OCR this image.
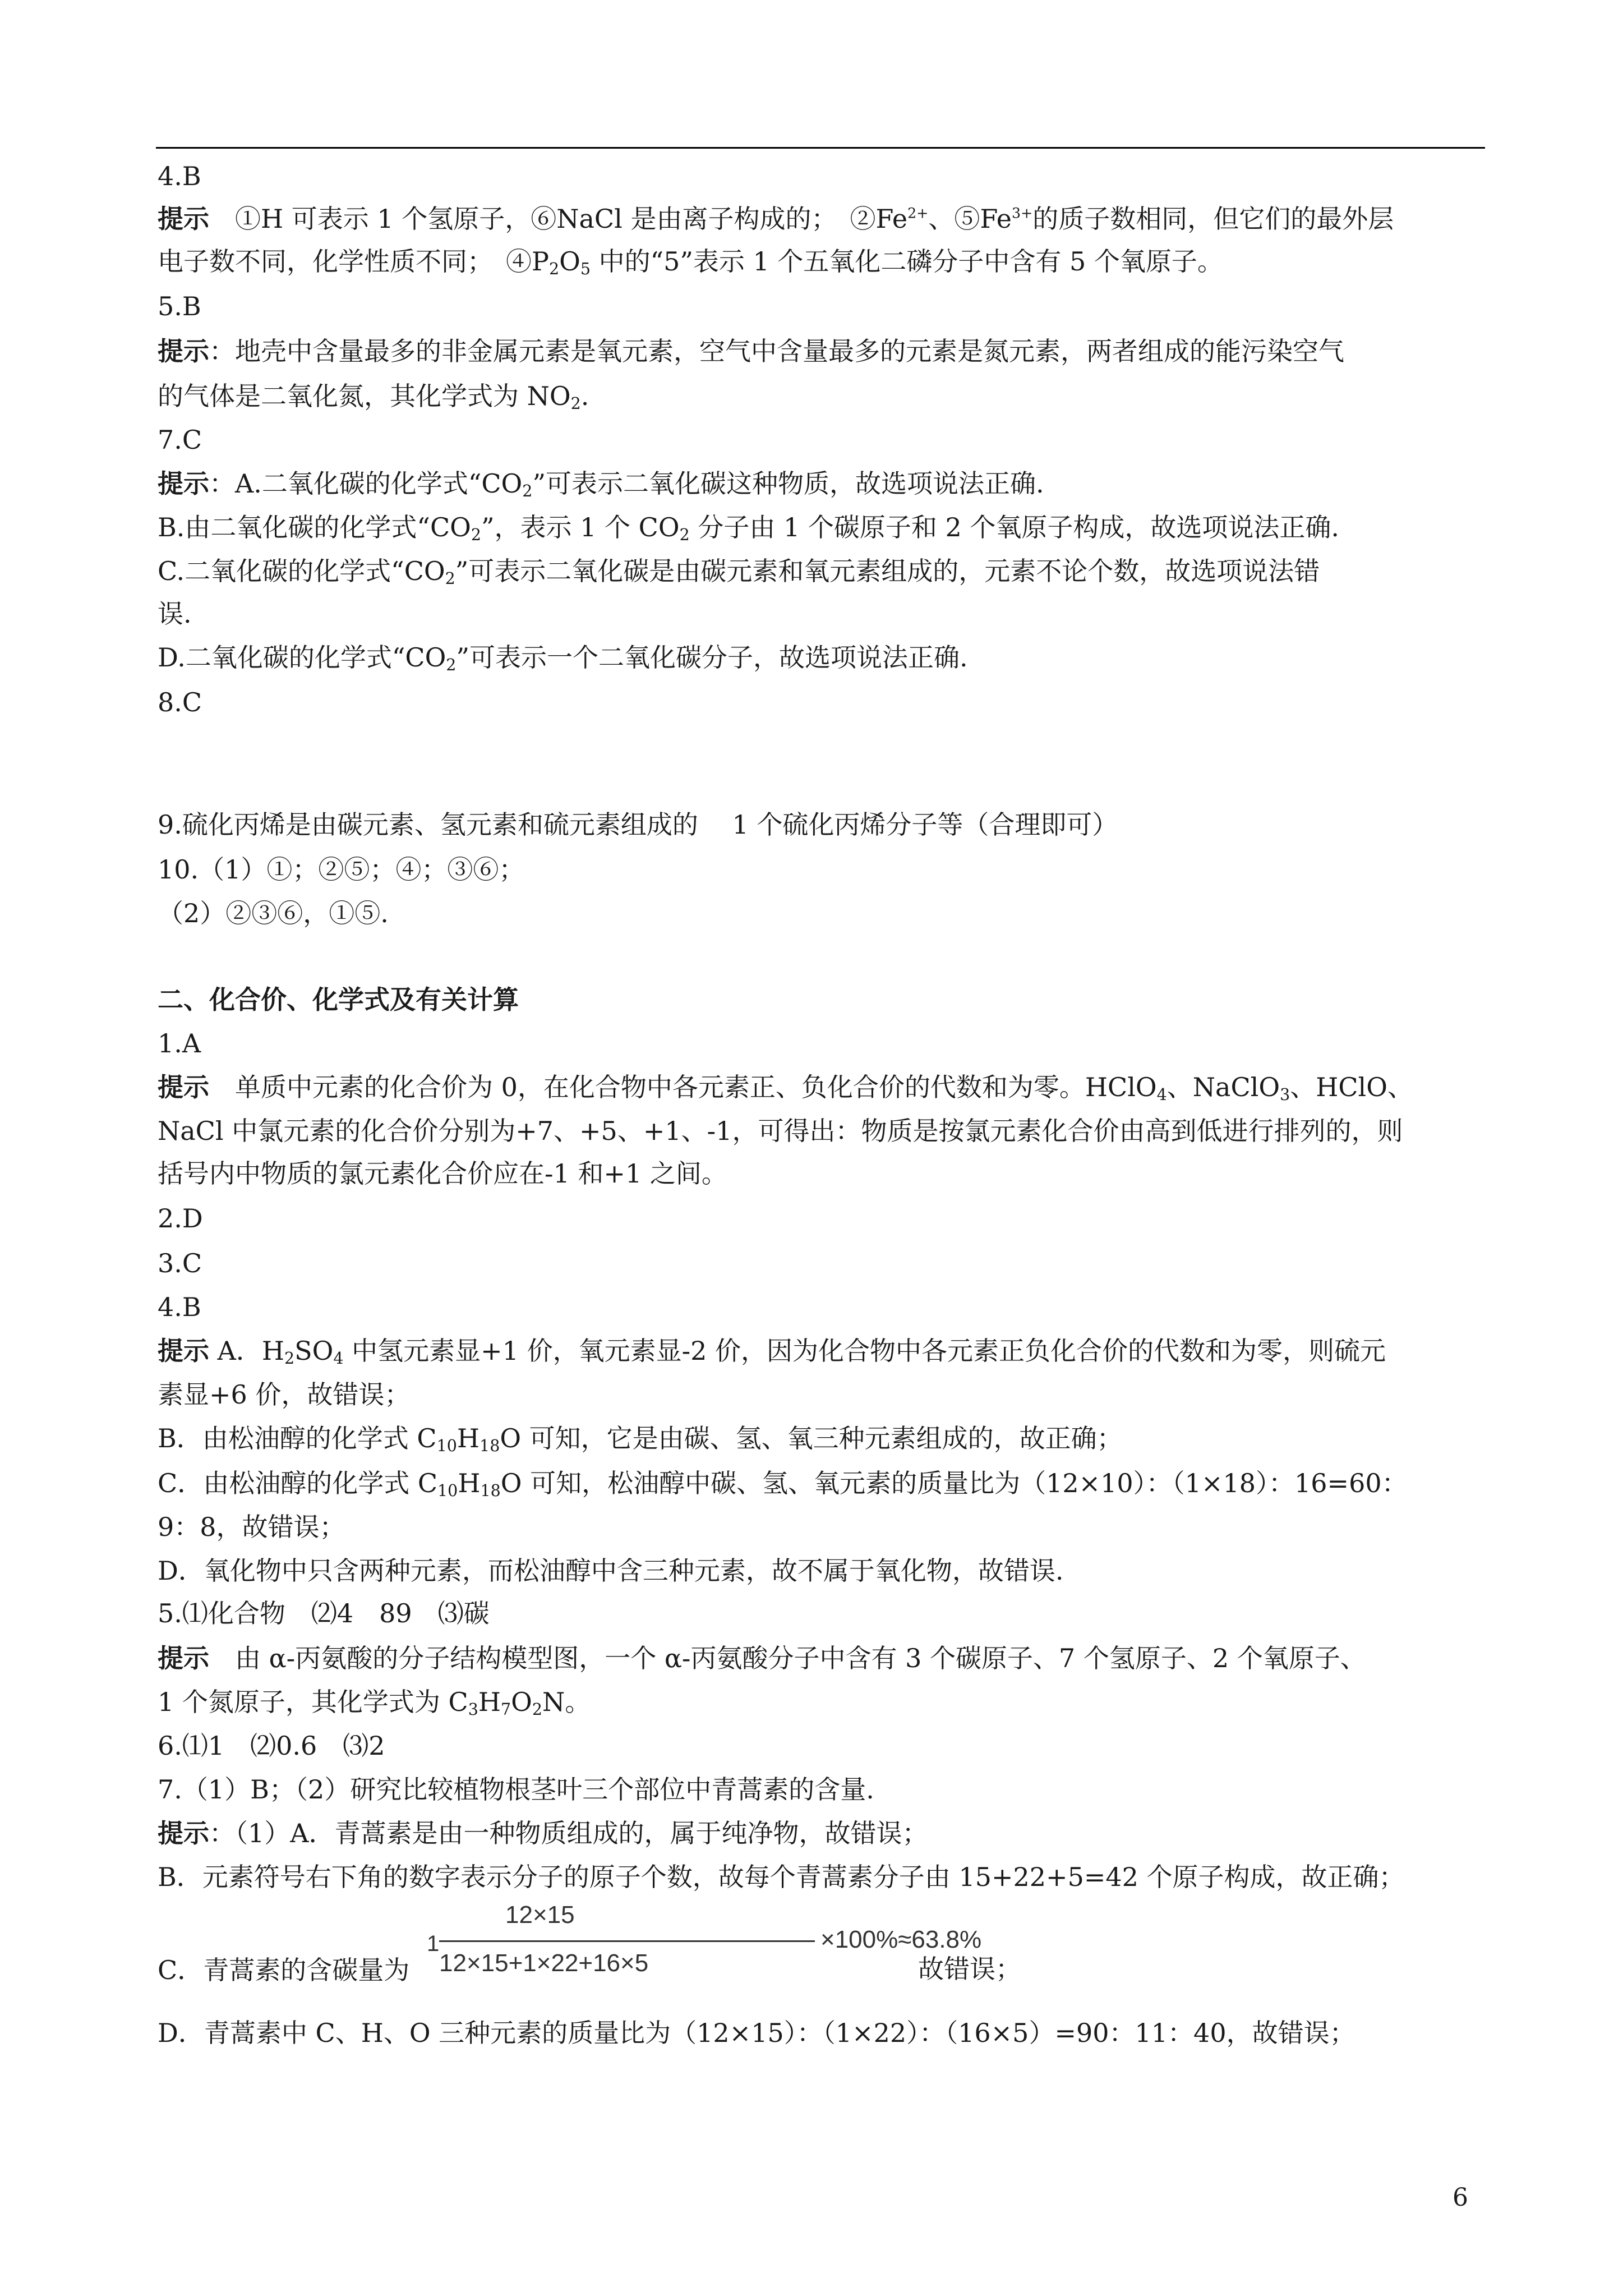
4.B
提示　①H 可表示 1 个氢原子，⑥NaCl 是由离子构成的；　$②Fe^{2+}$、$⑤Fe^{3+}$的质子数相同，但它们的最外层
电子数不同，化学性质不同；　$④P_2O_5$ 中的“5”表示 1 个五氧化二磷分子中含有 5 个氧原子。
5.B
提示：地壳中含量最多的非金属元素是氧元素，空气中含量最多的元素是氮元素，两者组成的能污染空气
的气体是二氧化氮，其化学式为 $NO_2$.
7.C
提示：A.二氧化碳的化学式“$CO_2$”可表示二氧化碳这种物质，故选项说法正确.
B.由二氧化碳的化学式“$CO_2$”，表示 1 个 $CO_2$ 分子由 1 个碳原子和 2 个氧原子构成，故选项说法正确.
C.二氧化碳的化学式“$CO_2$”可表示二氧化碳是由碳元素和氧元素组成的，元素不论个数，故选项说法错
误.
D.二氧化碳的化学式“$CO_2$”可表示一个二氧化碳分子，故选项说法正确.
8.C
9.硫化丙烯是由碳元素、氢元素和硫元素组成的　 1 个硫化丙烯分子等（合理即可）
10.（1）①；②⑤；④；③⑥；
（2）②③⑥，①⑤.
二、化合价、化学式及有关计算
1.A
提示　单质中元素的化合价为 0，在化合物中各元素正、负化合价的代数和为零。HClO$_4$、NaClO$_3$、HClO、
NaCl 中氯元素的化合价分别为+7、+5、+1、-1，可得出：物质是按氯元素化合价由高到低进行排列的，则
括号内中物质的氯元素化合价应在-1 和+1 之间。
2.D
3.C
4.B
提示 A．$H_2SO_4$ 中氢元素显+1 价，氧元素显-2 价，因为化合物中各元素正负化合价的代数和为零，则硫元
素显+6 价，故错误；
B．由松油醇的化学式 $C_{10}H_{18}O$ 可知，它是由碳、氢、氧三种元素组成的，故正确；
C．由松油醇的化学式 $C_{10}H_{18}O$ 可知，松油醇中碳、氢、氧元素的质量比为（12×10）：（1×18）：16=60：
9：8，故错误；
D．氧化物中只含两种元素，而松油醇中含三种元素，故不属于氧化物，故错误.
5.⑴化合物　⑵4　89　⑶碳
提示　由 α-丙氨酸的分子结构模型图，一个 α-丙氨酸分子中含有 3 个碳原子、7 个氢原子、2 个氧原子、
1 个氮原子，其化学式为 $C_3H_7O_2N$。
6.⑴1　⑵0.6　⑶2
7.（1）B；（2）研究比较植物根茎叶三个部位中青蒿素的含量.
提示：（1）A．青蒿素是由一种物质组成的，属于纯净物，故错误；
B．元素符号右下角的数字表示分子的原子个数，故每个青蒿素分子由 15+22+5=42 个原子构成，故正确；
C．青蒿素的含碳量为
1
12×15
12×15+1×22+16×5
×100%≈63.8%
故错误；
D．青蒿素中 C、H、O 三种元素的质量比为（12×15）：（1×22）：（16×5）=90：11：40，故错误；
6
